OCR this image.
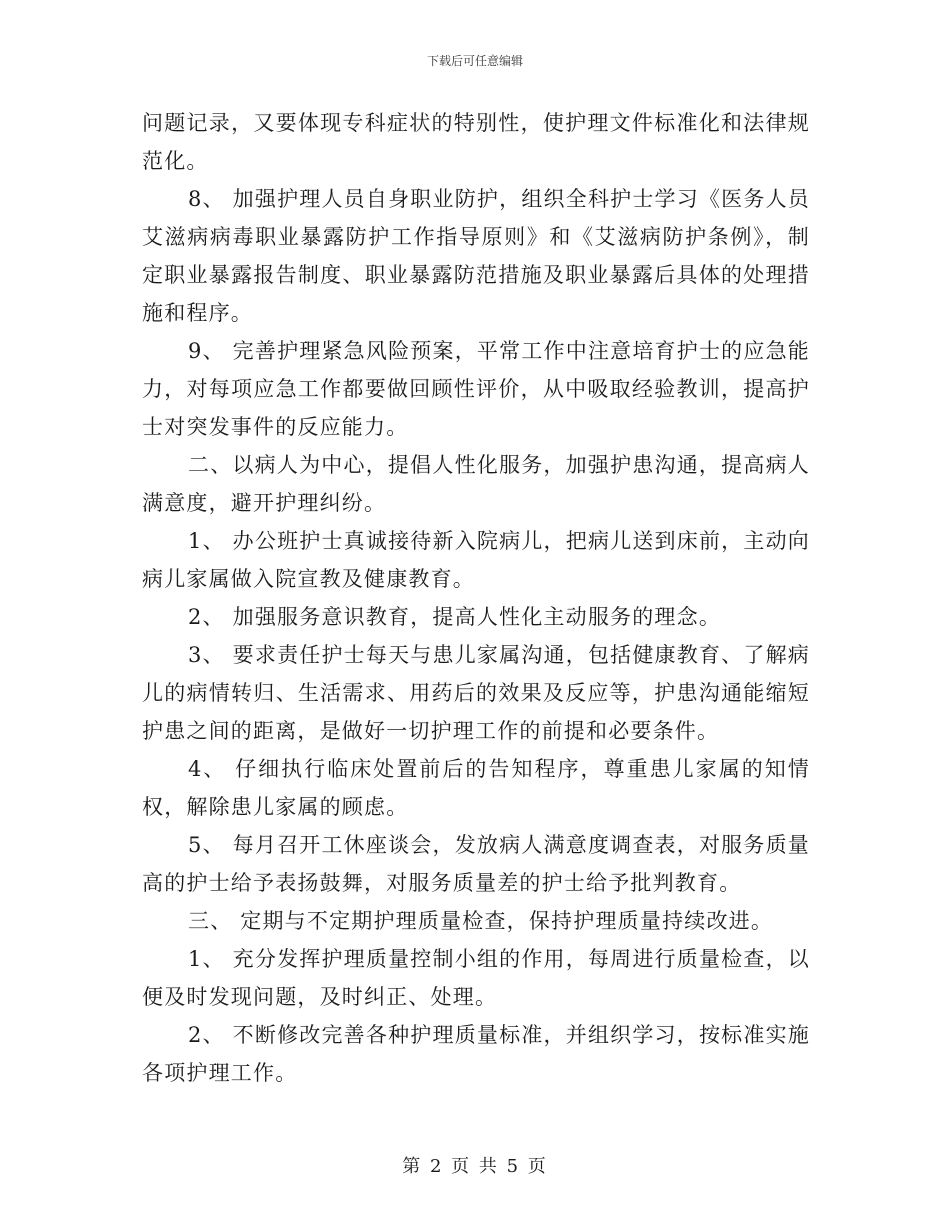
下载后可任意编辑

问题记录，又要体现专科症状的特别性，使护理文件标准化和法律规范化。

8、 加强护理人员自身职业防护，组织全科护士学习《医务人员艾滋病病毒职业暴露防护工作指导原则》和《艾滋病防护条例》，制定职业暴露报告制度、职业暴露防范措施及职业暴露后具体的处理措施和程序。

9、 完善护理紧急风险预案，平常工作中注意培育护士的应急能力，对每项应急工作都要做回顾性评价，从中吸取经验教训，提高护士对突发事件的反应能力。

二、以病人为中心，提倡人性化服务，加强护患沟通，提高病人满意度，避开护理纠纷。

1、 办公班护士真诚接待新入院病儿，把病儿送到床前，主动向病儿家属做入院宣教及健康教育。

2、 加强服务意识教育，提高人性化主动服务的理念。

3、 要求责任护士每天与患儿家属沟通，包括健康教育、了解病儿的病情转归、生活需求、用药后的效果及反应等，护患沟通能缩短护患之间的距离，是做好一切护理工作的前提和必要条件。

4、 仔细执行临床处置前后的告知程序，尊重患儿家属的知情权，解除患儿家属的顾虑。

5、 每月召开工休座谈会，发放病人满意度调查表，对服务质量高的护士给予表扬鼓舞，对服务质量差的护士给予批判教育。

三、 定期与不定期护理质量检查，保持护理质量持续改进。

1、 充分发挥护理质量控制小组的作用，每周进行质量检查，以便及时发现问题，及时纠正、处理。

2、 不断修改完善各种护理质量标准，并组织学习，按标准实施各项护理工作。

第 2 页 共 5 页
